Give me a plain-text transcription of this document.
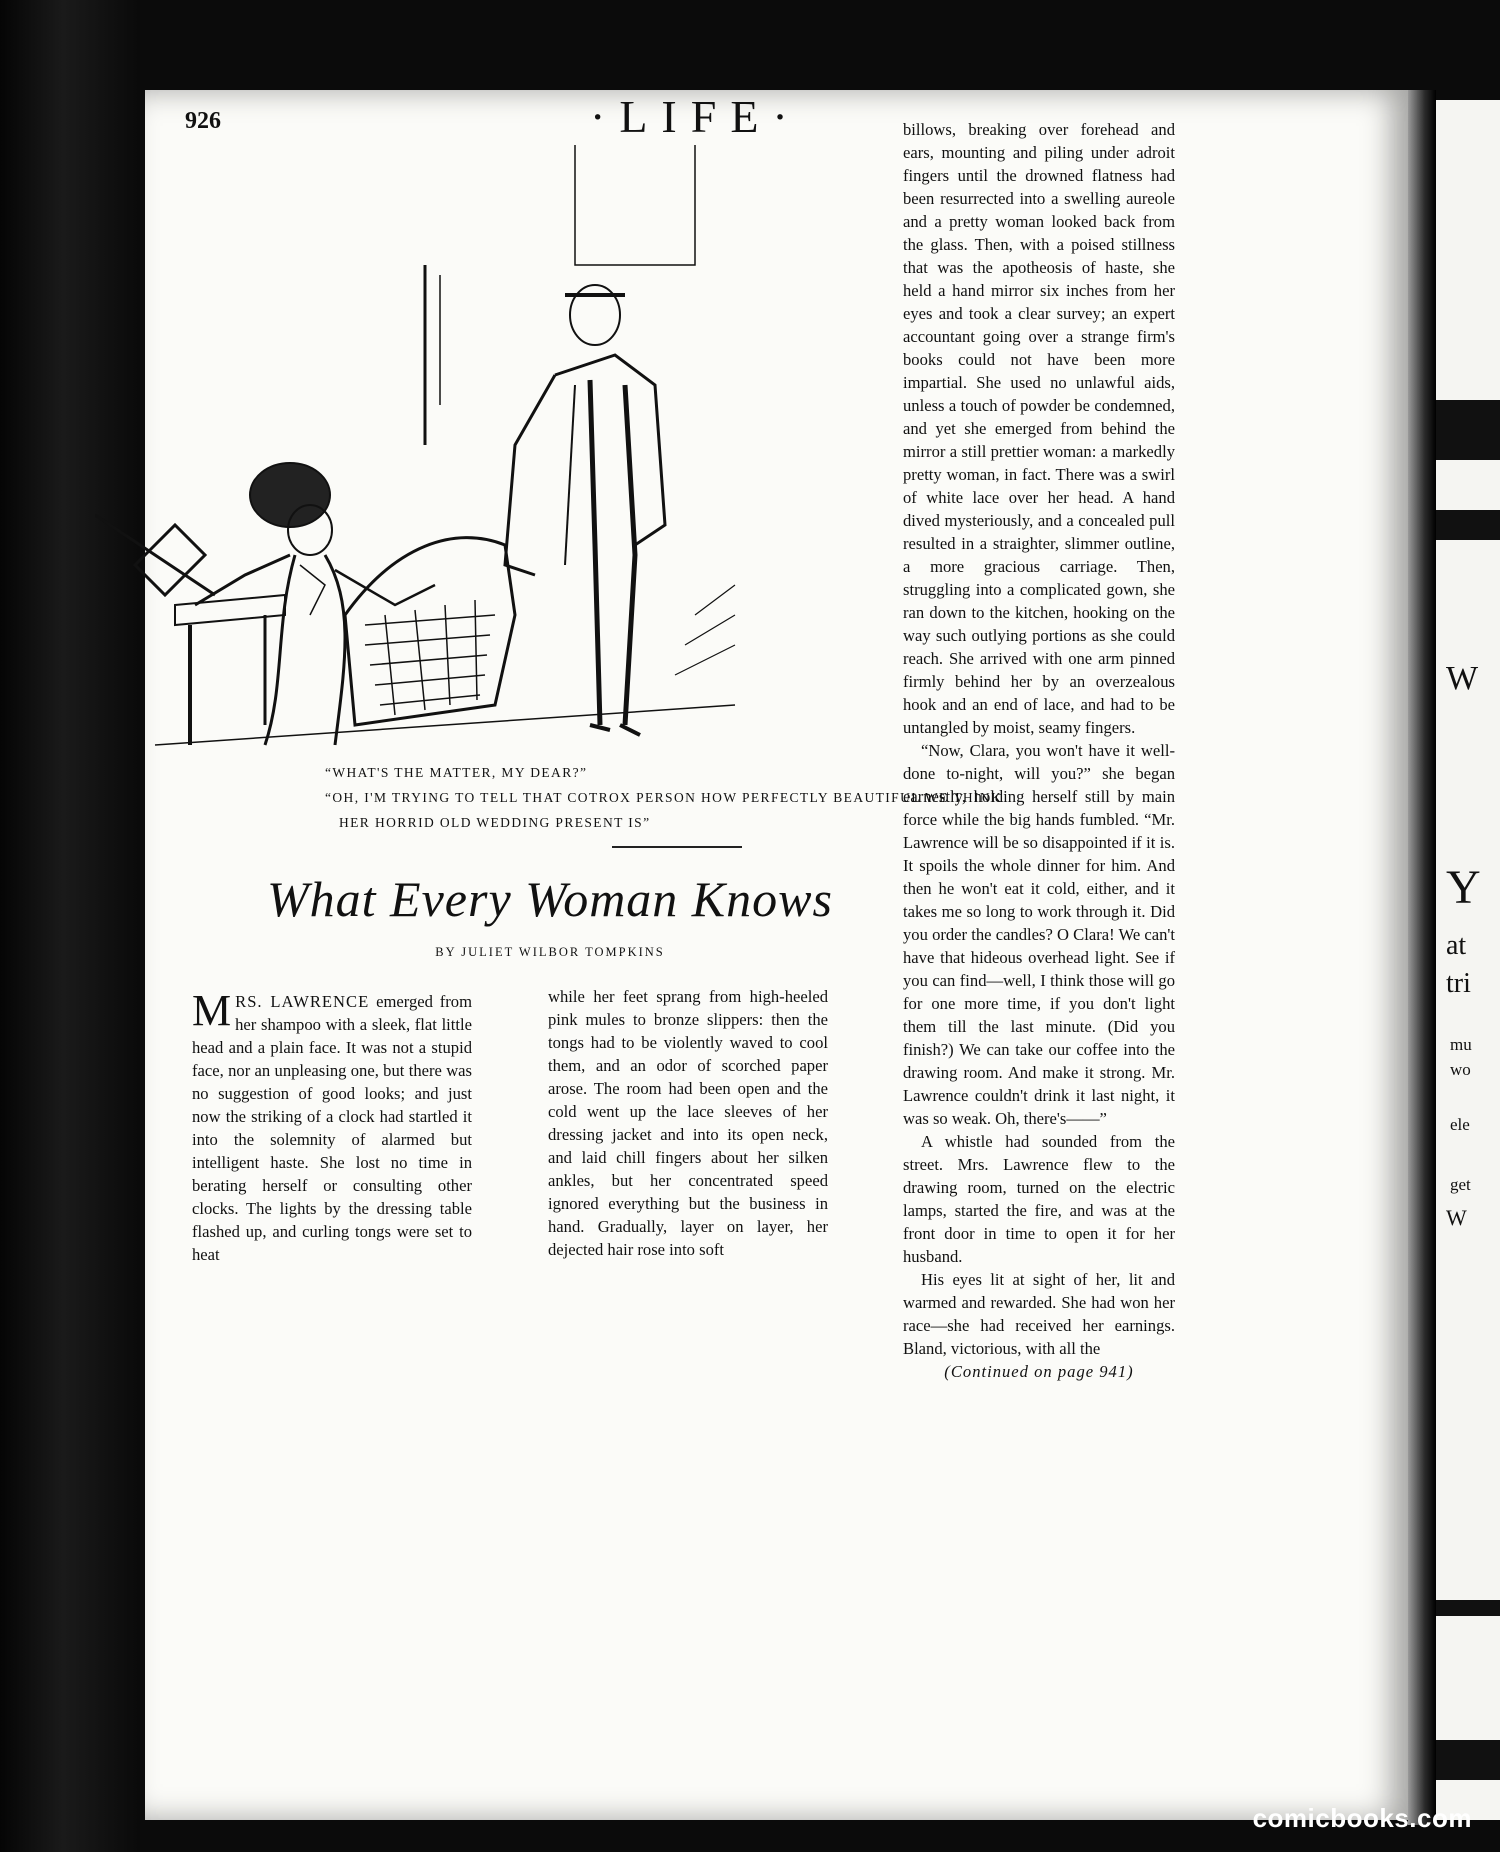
926	·LIFE·

“WHAT'S THE MATTER, MY DEAR?”

“OH, I'M TRYING TO TELL THAT COTROX PERSON HOW PERFECTLY BEAUTIFUL WE THINK HER HORRID OLD WEDDING PRESENT IS”

What Every Woman Knows
BY JULIET WILBOR TOMPKINS

MRS. LAWRENCE emerged from her shampoo with a sleek, flat little head and a plain face. It was not a stupid face, nor an unpleasing one, but there was no suggestion of good looks; and just now the striking of a clock had startled it into the solemnity of alarmed but intelligent haste. She lost no time in berating herself or consulting other clocks. The lights by the dressing table flashed up, and curling tongs were set to heat

while her feet sprang from high-heeled pink mules to bronze slippers: then the tongs had to be violently waved to cool them, and an odor of scorched paper arose. The room had been open and the cold went up the lace sleeves of her dressing jacket and into its open neck, and laid chill fingers about her silken ankles, but her concentrated speed ignored everything but the business in hand. Gradually, layer on layer, her dejected hair rose into soft

billows, breaking over forehead and ears, mounting and piling under adroit fingers until the drowned flatness had been resurrected into a swelling aureole and a pretty woman looked back from the glass. Then, with a poised stillness that was the apotheosis of haste, she held a hand mirror six inches from her eyes and took a clear survey; an expert accountant going over a strange firm's books could not have been more impartial. She used no unlawful aids, unless a touch of powder be condemned, and yet she emerged from behind the mirror a still prettier woman: a markedly pretty woman, in fact. There was a swirl of white lace over her head. A hand dived mysteriously, and a concealed pull resulted in a straighter, slimmer outline, a more gracious carriage. Then, struggling into a complicated gown, she ran down to the kitchen, hooking on the way such outlying portions as she could reach. She arrived with one arm pinned firmly behind her by an overzealous hook and an end of lace, and had to be untangled by moist, seamy fingers.

“Now, Clara, you won't have it well-done to-night, will you?” she began earnestly, holding herself still by main force while the big hands fumbled. “Mr. Lawrence will be so disappointed if it is. It spoils the whole dinner for him. And then he won't eat it cold, either, and it takes me so long to work through it. Did you order the candles? O Clara! We can't have that hideous overhead light. See if you can find—well, I think those will go for one more time, if you don't light them till the last minute. (Did you finish?) We can take our coffee into the drawing room. And make it strong. Mr. Lawrence couldn't drink it last night, it was so weak. Oh, there's——”

A whistle had sounded from the street. Mrs. Lawrence flew to the drawing room, turned on the electric lamps, started the fire, and was at the front door in time to open it for her husband.

His eyes lit at sight of her, lit and warmed and rewarded. She had won her race—she had received her earnings. Bland, victorious, with all the

(Continued on page 941)

W
Y
at
tri
mu
wo
ele
get
W
comicbooks.com
